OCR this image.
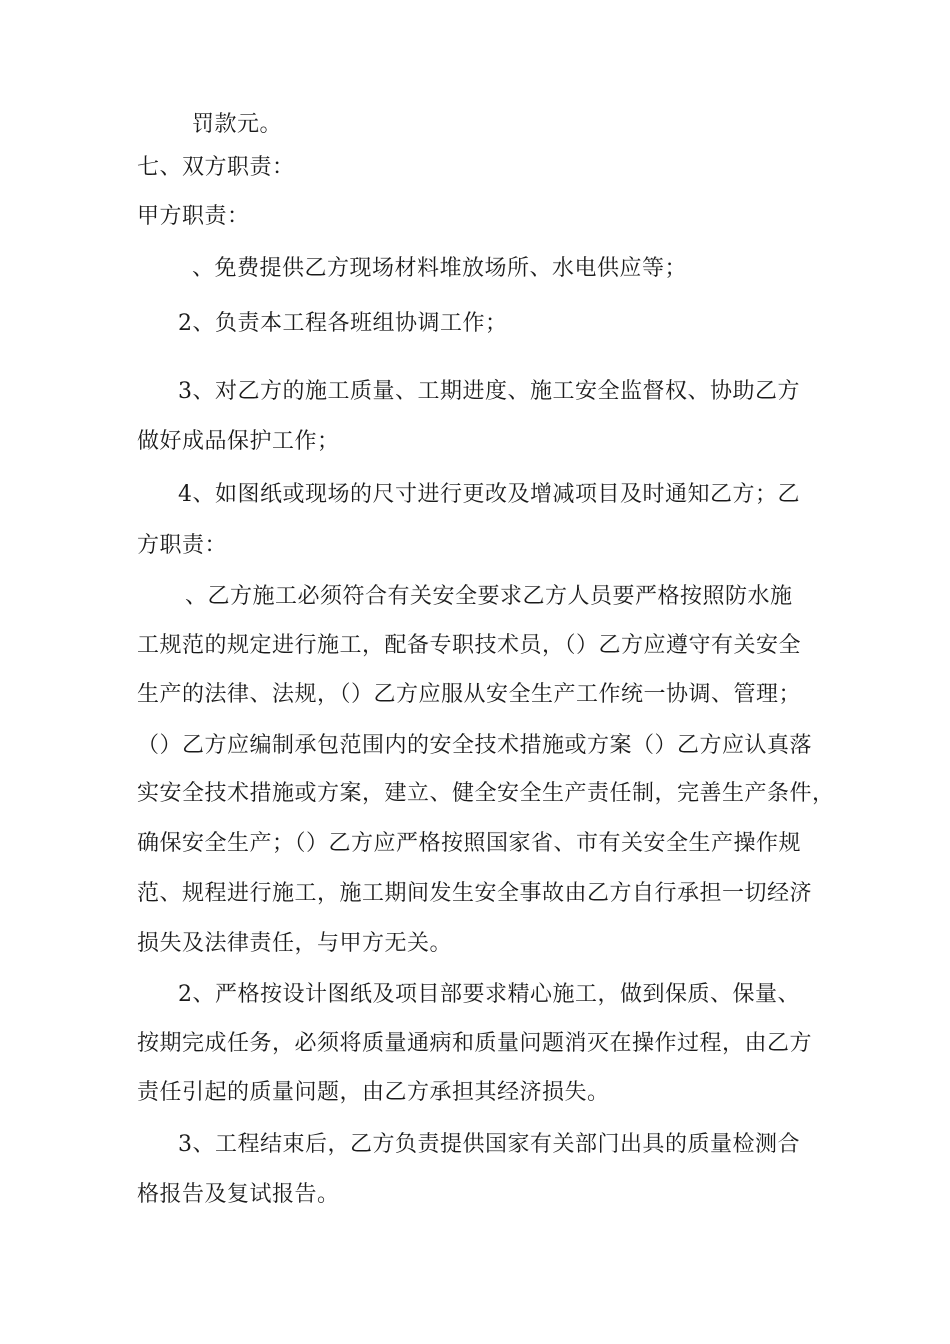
罚款元。
七、双方职责：
甲方职责：
、免费提供乙方现场材料堆放场所、水电供应等；
2、负责本工程各班组协调工作；
3、对乙方的施工质量、工期进度、施工安全监督权、协助乙方
做好成品保护工作；
4、如图纸或现场的尺寸进行更改及增减项目及时通知乙方；乙
方职责：
、乙方施工必须符合有关安全要求乙方人员要严格按照防水施
工规范的规定进行施工，配备专职技术员，（）乙方应遵守有关安全
生产的法律、法规，（）乙方应服从安全生产工作统一协调、管理；
（）乙方应编制承包范围内的安全技术措施或方案（）乙方应认真落
实安全技术措施或方案，建立、健全安全生产责任制，完善生产条件，
确保安全生产；（）乙方应严格按照国家省、市有关安全生产操作规
范、规程进行施工，施工期间发生安全事故由乙方自行承担一切经济
损失及法律责任，与甲方无关。
2、严格按设计图纸及项目部要求精心施工，做到保质、保量、
按期完成任务，必须将质量通病和质量问题消灭在操作过程，由乙方
责任引起的质量问题，由乙方承担其经济损失。
3、工程结束后，乙方负责提供国家有关部门出具的质量检测合
格报告及复试报告。
